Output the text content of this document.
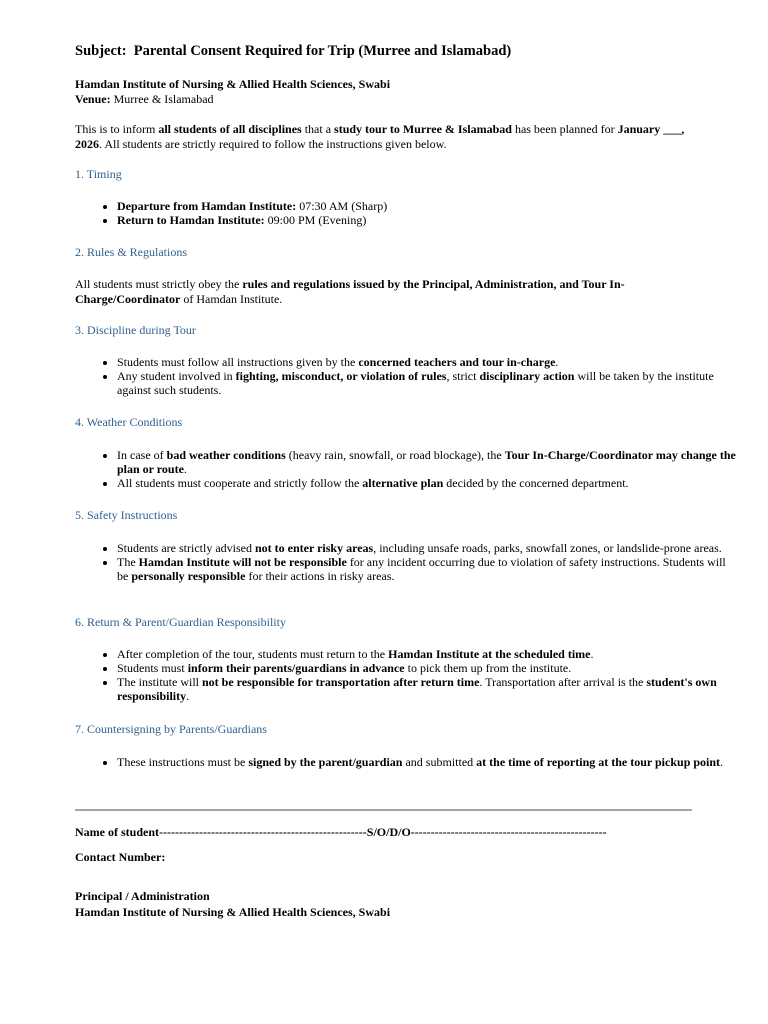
Subject:  Parental Consent Required for Trip (Murree and Islamabad)

Hamdan Institute of Nursing & Allied Health Sciences, Swabi
Venue: Murree & Islamabad

This is to inform all students of all disciplines that a study tour to Murree & Islamabad has been planned for January ___, 2026. All students are strictly required to follow the instructions given below.

1. Timing

• Departure from Hamdan Institute: 07:30 AM (Sharp)
• Return to Hamdan Institute: 09:00 PM (Evening)

2. Rules & Regulations

All students must strictly obey the rules and regulations issued by the Principal, Administration, and Tour In-Charge/Coordinator of Hamdan Institute.

3. Discipline during Tour

• Students must follow all instructions given by the concerned teachers and tour in-charge.
• Any student involved in fighting, misconduct, or violation of rules, strict disciplinary action will be taken by the institute against such students.

4. Weather Conditions

• In case of bad weather conditions (heavy rain, snowfall, or road blockage), the Tour In-Charge/Coordinator may change the plan or route.
• All students must cooperate and strictly follow the alternative plan decided by the concerned department.

5. Safety Instructions

• Students are strictly advised not to enter risky areas, including unsafe roads, parks, snowfall zones, or landslide-prone areas.
• The Hamdan Institute will not be responsible for any incident occurring due to violation of safety instructions. Students will be personally responsible for their actions in risky areas.

6. Return & Parent/Guardian Responsibility

• After completion of the tour, students must return to the Hamdan Institute at the scheduled time.
• Students must inform their parents/guardians in advance to pick them up from the institute.
• The institute will not be responsible for transportation after return time. Transportation after arrival is the student's own responsibility.

7. Countersigning by Parents/Guardians

• These instructions must be signed by the parent/guardian and submitted at the time of reporting at the tour pickup point.

Name of student----------------------------------------------------S/O/D/O-------------------------------------------------

Contact Number:

Principal / Administration

Hamdan Institute of Nursing & Allied Health Sciences, Swabi
